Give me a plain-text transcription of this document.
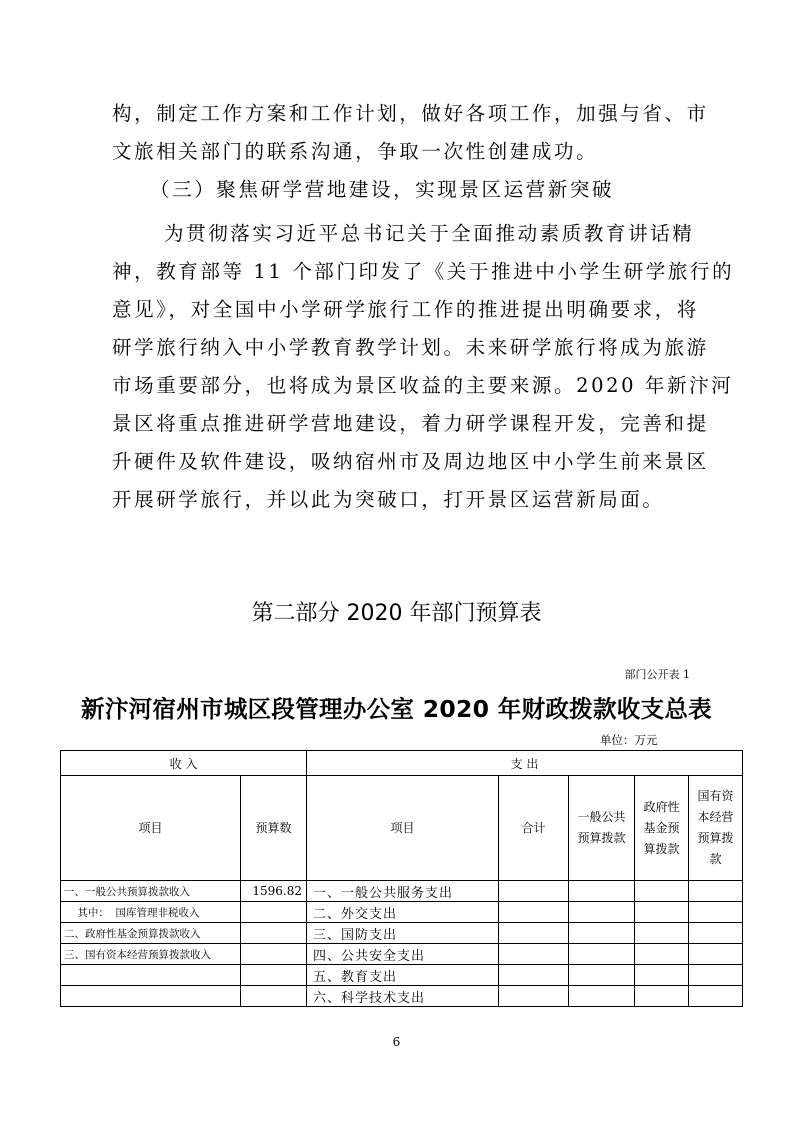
构，制定工作方案和工作计划，做好各项工作，加强与省、市

文旅相关部门的联系沟通，争取一次性创建成功。

（三）聚焦研学营地建设，实现景区运营新突破

为贯彻落实习近平总书记关于全面推动素质教育讲话精

神，教育部等 11 个部门印发了《关于推进中小学生研学旅行的

意见》，对全国中小学研学旅行工作的推进提出明确要求，将

研学旅行纳入中小学教育教学计划。未来研学旅行将成为旅游

市场重要部分，也将成为景区收益的主要来源。2020 年新汴河

景区将重点推进研学营地建设，着力研学课程开发，完善和提

升硬件及软件建设，吸纳宿州市及周边地区中小学生前来景区

开展研学旅行，并以此为突破口，打开景区运营新局面。

第二部分 2020 年部门预算表
部门公开表 1
新汴河宿州市城区段管理办公室 2020 年财政拨款收支总表
单位：万元
收 入		支 出				
项目	预算数	项目	合计	一般公共预算拨款	政府性基金预算拨款	国有资本经营预算拨款
一、一般公共预算拨款收入	1596.82	一、一般公共服务支出				
其中：  国库管理非税收入		二、外交支出				
二、政府性基金预算拨款收入		三、国防支出				
三、国有资本经营预算拨款收入		四、公共安全支出				
		五、教育支出				
		六、科学技术支出				
6
